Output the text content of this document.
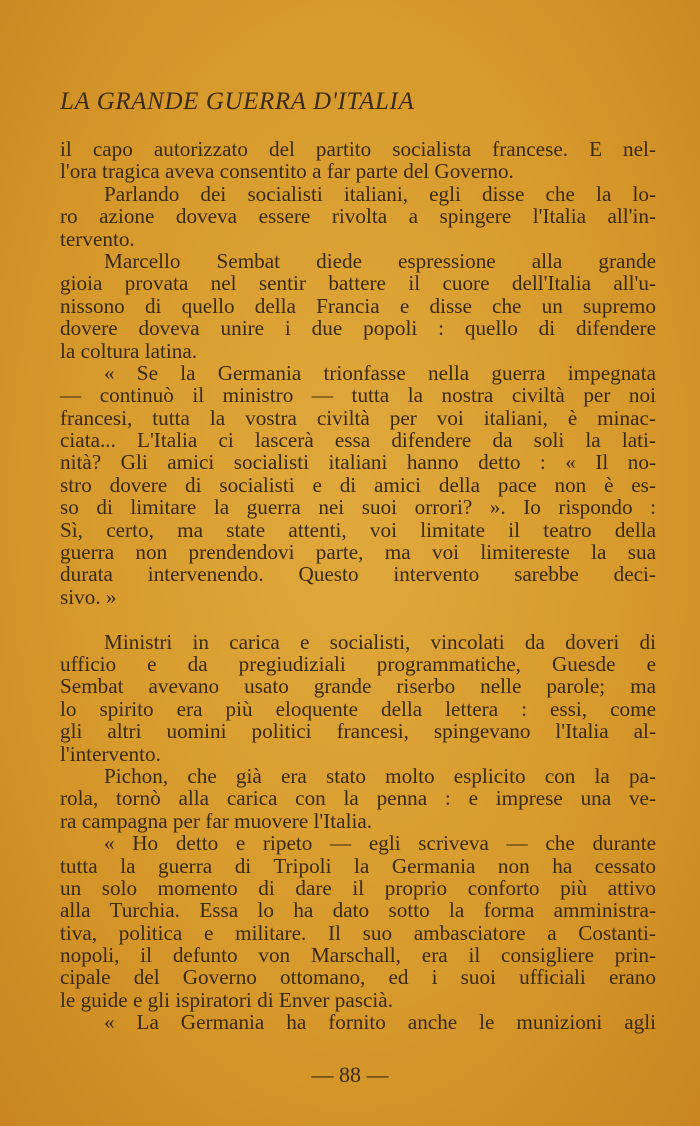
LA GRANDE GUERRA D'ITALIA
il capo autorizzato del partito socialista francese. E nel-
l'ora tragica aveva consentito a far parte del Governo.
Parlando dei socialisti italiani, egli disse che la lo-
ro azione doveva essere rivolta a spingere l'Italia all'in-
tervento.
Marcello Sembat diede espressione alla grande
gioia provata nel sentir battere il cuore dell'Italia all'u-
nissono di quello della Francia e disse che un supremo
dovere doveva unire i due popoli : quello di difendere
la coltura latina.
« Se la Germania trionfasse nella guerra impegnata
— continuò il ministro — tutta la nostra civiltà per noi
francesi, tutta la vostra civiltà per voi italiani, è minac-
ciata... L'Italia ci lascerà essa difendere da soli la lati-
nità? Gli amici socialisti italiani hanno detto : « Il no-
stro dovere di socialisti e di amici della pace non è es-
so di limitare la guerra nei suoi orrori? ». Io rispondo :
Sì, certo, ma state attenti, voi limitate il teatro della
guerra non prendendovi parte, ma voi limitereste la sua
durata intervenendo. Questo intervento sarebbe deci-
sivo. »
Ministri in carica e socialisti, vincolati da doveri di
ufficio e da pregiudiziali programmatiche, Guesde e
Sembat avevano usato grande riserbo nelle parole; ma
lo spirito era più eloquente della lettera : essi, come
gli altri uomini politici francesi, spingevano l'Italia al-
l'intervento.
Pichon, che già era stato molto esplicito con la pa-
rola, tornò alla carica con la penna : e imprese una ve-
ra campagna per far muovere l'Italia.
« Ho detto e ripeto — egli scriveva — che durante
tutta la guerra di Tripoli la Germania non ha cessato
un solo momento di dare il proprio conforto più attivo
alla Turchia. Essa lo ha dato sotto la forma amministra-
tiva, politica e militare. Il suo ambasciatore a Costanti-
nopoli, il defunto von Marschall, era il consigliere prin-
cipale del Governo ottomano, ed i suoi ufficiali erano
le guide e gli ispiratori di Enver pascià.
« La Germania ha fornito anche le munizioni agli
— 88 —
